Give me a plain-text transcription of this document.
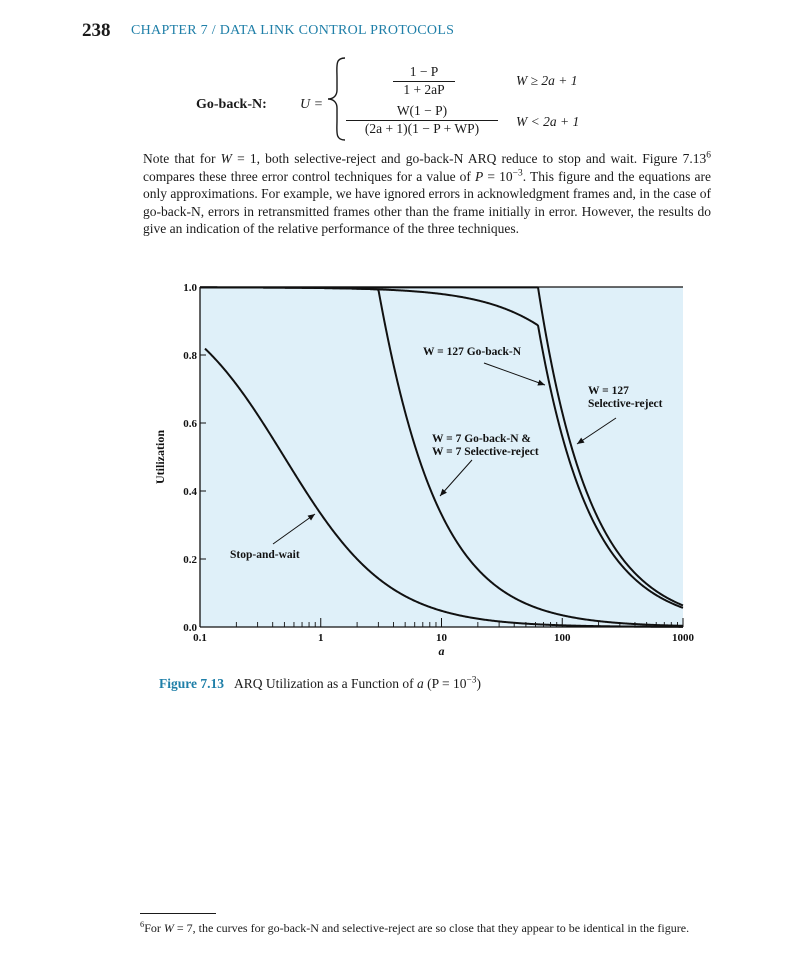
238 CHAPTER 7 / DATA LINK CONTROL PROTOCOLS
Go-back-N: U =
$\frac{1 - P}{1 + 2aP}$	W ≥ 2a + 1
$\frac{W(1 - P)}{(2a + 1)(1 - P + WP)}$ W < 2a + 1
Note that for W = 1, both selective-reject and go-back-N ARQ reduce to stop and wait. Figure 7.13$^6$ compares these three error control techniques for a value of $P = 10^{-3}$. This figure and the equations are only approximations. For example, we have ignored errors in acknowledgment frames and, in the case of go-back-N, errors in retransmitted frames other than the frame initially in error. However, the results do give an indication of the relative performance of the three techniques.
0.0
0.2
0.4
0.6
0.8
1.0
0.1	1	10	100	1000
Utilization
a
Stop-and-wait
W = 7 Go-back-N &
W = 7 Selective-reject
W = 127 Go-back-N
W = 127
Selective-reject
Figure 7.13 ARQ Utilization as a Function of a $(P = 10^{-3})$
$^6$For W = 7, the curves for go-back-N and selective-reject are so close that they appear to be identical in the figure.
